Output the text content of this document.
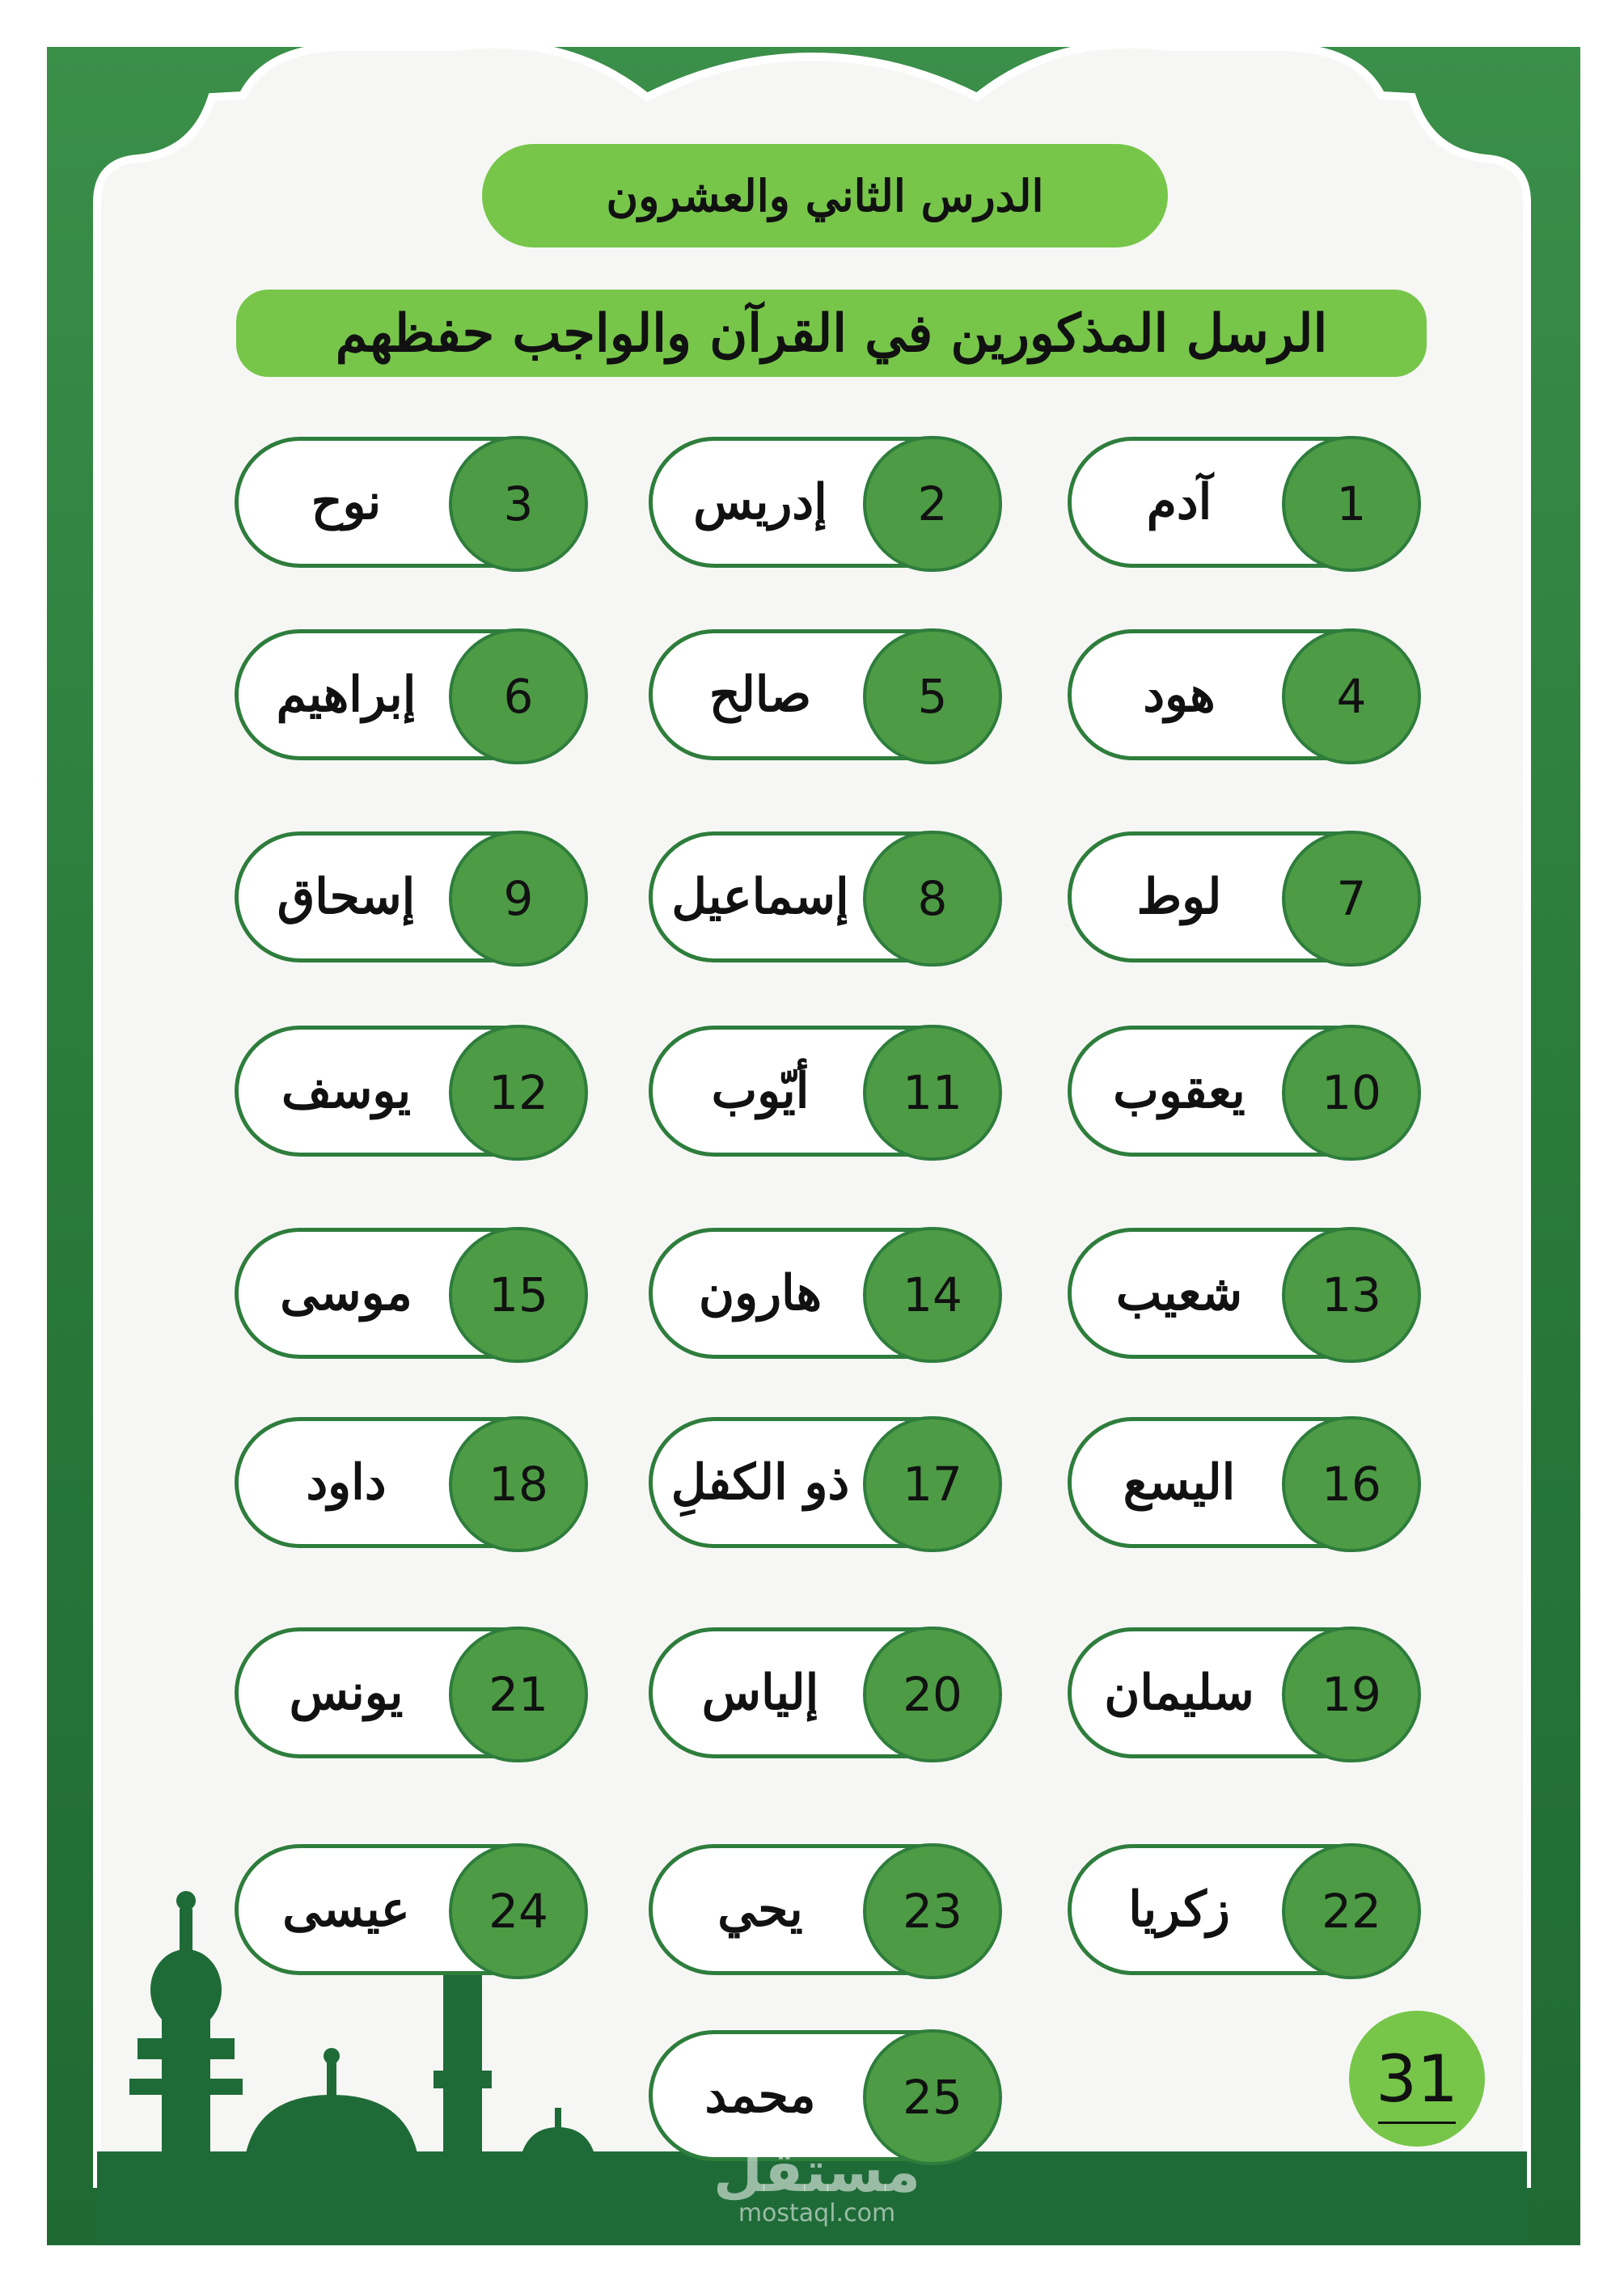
الدرس الثاني والعشرون
الرسل المذكورين في القرآن والواجب حفظهم
آدم	1
إدريس	2
نوح	3
هود	4
صالح	5
إبراهيم	6
لوط	7
إسماعيل	8
إسحاق	9
يعقوب	10
أيّوب	11
يوسف	12
شعيب	13
هارون	14
موسى	15
اليسع	16
ذو الكفلِ	17
داود	18
سليمان	19
إلياس	20
يونس	21
زكريا	22
يحي	23
عيسى	24
محمد	25	31
مستقل
mostaql.com
